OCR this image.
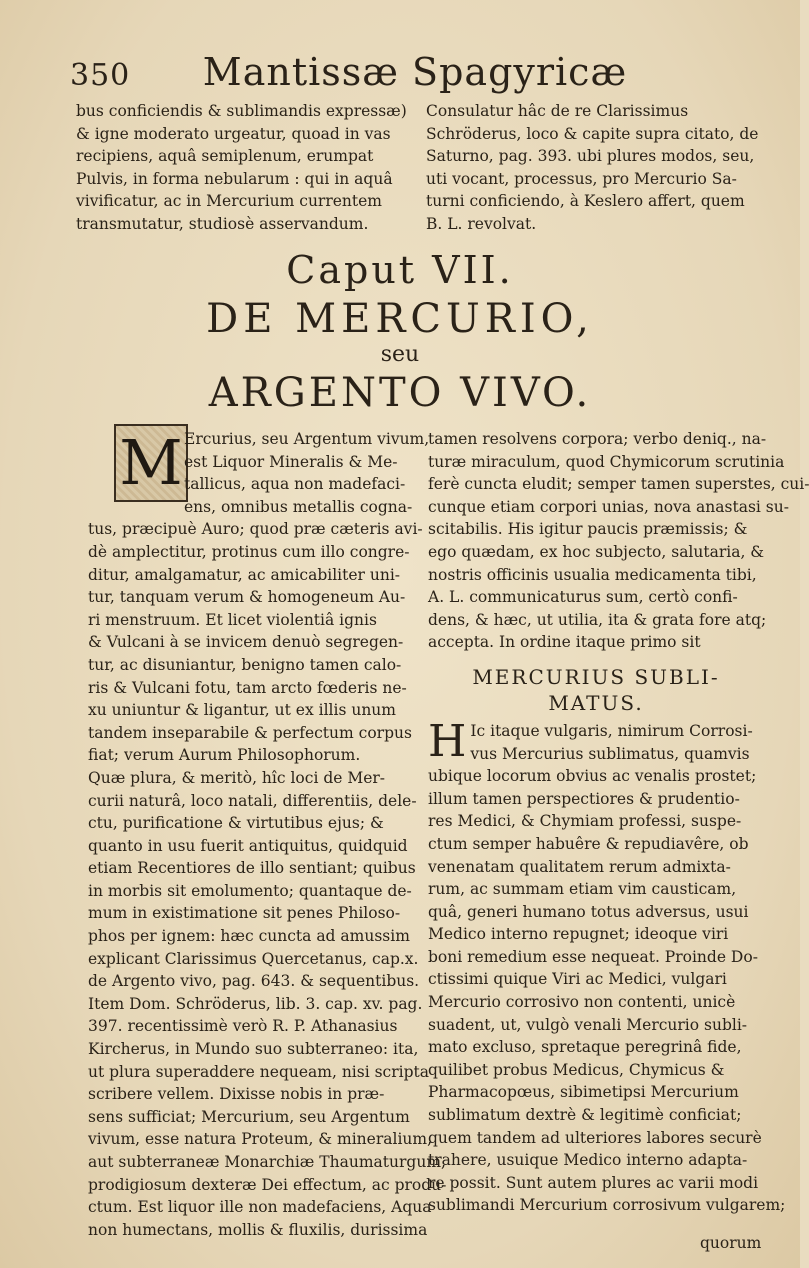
350	Mantissæ Spagyricæ
bus conficiendis & sublimandis expressæ)
& igne moderato urgeatur, quoad in vas
recipiens, aquâ semiplenum, erumpat
Pulvis, in forma nebularum : qui in aquâ
vivificatur, ac in Mercurium currentem
transmutatur, studiosè asservandum.
Consulatur hâc de re Clarissimus
Schröderus, loco & capite supra citato, de
Saturno, pag. 393. ubi plures modos, seu,
uti vocant, processus, pro Mercurio Sa-
turni conficiendo, à Keslero affert, quem
B. L. revolvat.
Caput VII.
DE MERCURIO,
seu
ARGENTO VIVO.
M Ercurius, seu Argentum vivum,
est Liquor Mineralis & Me-
tallicus, aqua non madefaci-
ens, omnibus metallis cogna-
tus, præcipuè Auro; quod præ cæteris avi-
dè amplectitur, protinus cum illo congre-
ditur, amalgamatur, ac amicabiliter uni-
tur, tanquam verum & homogeneum Au-
ri menstruum. Et licet violentiâ ignis
& Vulcani à se invicem denuò segregen-
tur, ac disuniantur, benigno tamen calo-
ris & Vulcani fotu, tam arcto fœderis ne-
xu uniuntur & ligantur, ut ex illis unum
tandem inseparabile & perfectum corpus
fiat; verum Aurum Philosophorum.
Quæ plura, & meritò, hîc loci de Mer-
curii naturâ, loco natali, differentiis, dele-
ctu, purificatione & virtutibus ejus; &
quanto in usu fuerit antiquitus, quidquid
etiam Recentiores de illo sentiant; quibus
in morbis sit emolumento; quantaque de-
mum in existimatione sit penes Philoso-
phos per ignem: hæc cuncta ad amussim
explicant Clarissimus Quercetanus, cap.x.
de Argento vivo, pag. 643. & sequentibus.
Item Dom. Schröderus, lib. 3. cap. xv. pag.
397. recentissimè verò R. P. Athanasius
Kircherus, in Mundo suo subterraneo: ita,
ut plura superaddere nequeam, nisi scripta
scribere vellem. Dixisse nobis in præ-
sens sufficiat; Mercurium, seu Argentum
vivum, esse natura Proteum, & mineralium,
aut subterraneæ Monarchiæ Thaumaturgum,
prodigiosum dexteræ Dei effectum, ac produ-
ctum. Est liquor ille non madefaciens, Aqua
non humectans, mollis & fluxilis, durissima
tamen resolvens corpora; verbo deniq., na-
turæ miraculum, quod Chymicorum scrutinia
ferè cuncta eludit; semper tamen superstes, cui-
cunque etiam corpori unias, nova anastasi su-
scitabilis. His igitur paucis præmissis; &
ego quædam, ex hoc subjecto, salutaria, &
nostris officinis usualia medicamenta tibi,
A. L. communicaturus sum, certò confi-
dens, & hæc, ut utilia, ita & grata fore atq;
accepta. In ordine itaque primo sit
MERCURIUS SUBLI-
MATUS.
H Ic itaque vulgaris, nimirum Corrosi-
vus Mercurius sublimatus, quamvis
ubique locorum obvius ac venalis prostet;
illum tamen perspectiores & prudentio-
res Medici, & Chymiam professi, suspe-
ctum semper habuêre & repudiavêre, ob
venenatam qualitatem rerum admixta-
rum, ac summam etiam vim causticam,
quâ, generi humano totus adversus, usui
Medico interno repugnet; ideoque viri
boni remedium esse nequeat. Proinde Do-
ctissimi quique Viri ac Medici, vulgari
Mercurio corrosivo non contenti, unicè
suadent, ut, vulgò venali Mercurio subli-
mato excluso, spretaque peregrinâ fide,
quilibet probus Medicus, Chymicus &
Pharmacopœus, sibimetipsi Mercurium
sublimatum dextrè & legitimè conficiat;
quem tandem ad ulteriores labores securè
trahere, usuique Medico interno adapta-
re possit. Sunt autem plures ac varii modi
sublimandi Mercurium corrosivum vulgarem;
quorum
